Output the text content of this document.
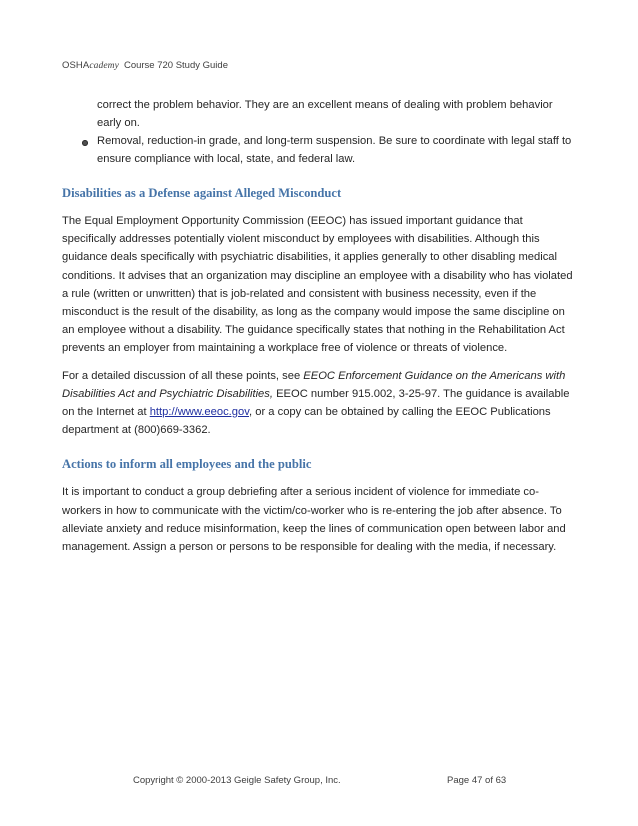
OSHAcademy Course 720 Study Guide
correct the problem behavior. They are an excellent means of dealing with problem behavior early on.
Removal, reduction-in grade, and long-term suspension. Be sure to coordinate with legal staff to ensure compliance with local, state, and federal law.
Disabilities as a Defense against Alleged Misconduct

The Equal Employment Opportunity Commission (EEOC) has issued important guidance that specifically addresses potentially violent misconduct by employees with disabilities. Although this guidance deals specifically with psychiatric disabilities, it applies generally to other disabling medical conditions. It advises that an organization may discipline an employee with a disability who has violated a rule (written or unwritten) that is job-related and consistent with business necessity, even if the misconduct is the result of the disability, as long as the company would impose the same discipline on an employee without a disability. The guidance specifically states that nothing in the Rehabilitation Act prevents an employer from maintaining a workplace free of violence or threats of violence.

For a detailed discussion of all these points, see EEOC Enforcement Guidance on the Americans with Disabilities Act and Psychiatric Disabilities, EEOC number 915.002, 3-25-97. The guidance is available on the Internet at http://www.eeoc.gov, or a copy can be obtained by calling the EEOC Publications department at (800)669-3362.

Actions to inform all employees and the public

It is important to conduct a group debriefing after a serious incident of violence for immediate co-workers in how to communicate with the victim/co-worker who is re-entering the job after absence. To alleviate anxiety and reduce misinformation, keep the lines of communication open between labor and management. Assign a person or persons to be responsible for dealing with the media, if necessary.

Copyright © 2000-2013 Geigle Safety Group, Inc.	Page 47 of 63
